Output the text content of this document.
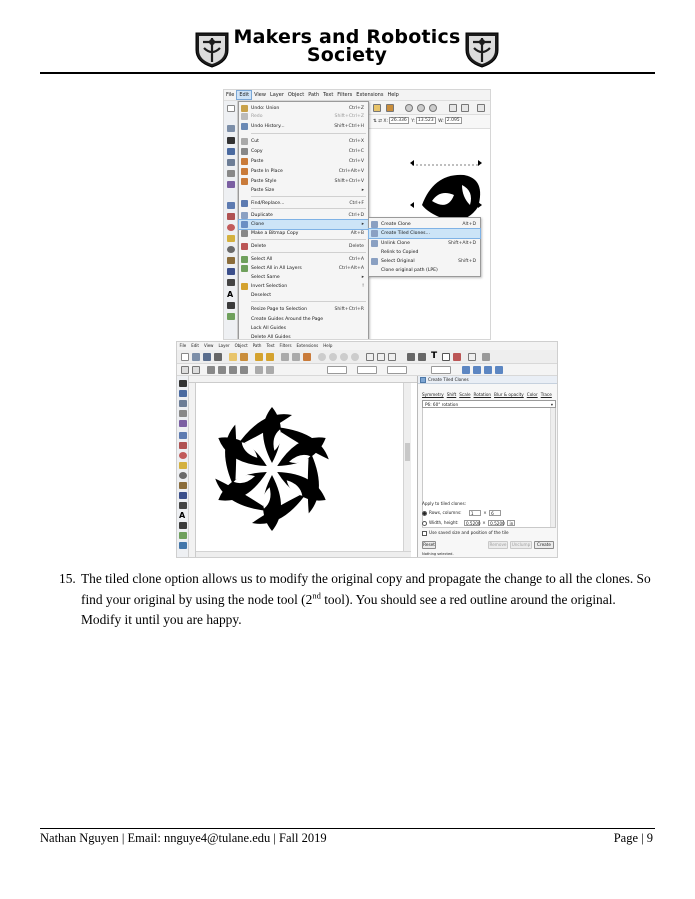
Makers and Robotics
Society
File	Edit	View Layer Object Path Text Filters Extensions Help
A
⇅ ⇄ X: 26.336 Y: 13.523 W: 2.095
Undo: Union	Ctrl+Z
Redo	Shift+Ctrl+Z
Undo History...	Shift+Ctrl+H
Cut	Ctrl+X
Copy	Ctrl+C
Paste	Ctrl+V
Paste In Place	Ctrl+Alt+V
Paste Style	Shift+Ctrl+V
Paste Size	▸
Find/Replace...	Ctrl+F
Duplicate	Ctrl+D
Clone	▸
Make a Bitmap Copy	Alt+B
Delete	Delete
Select All	Ctrl+A
Select All in All Layers	Ctrl+Alt+A
Select Same	▸
Invert Selection	!
Deselect
Resize Page to Selection	Shift+Ctrl+R
Create Guides Around the Page
Lock All Guides
Delete All Guides
Create Clone	Alt+D
Create Tiled Clones...
Unlink Clone	Shift+Alt+D
Relink to Copied
Select Original	Shift+D
Clone original path (LPE)
File	Edit	View	Layer	Object	Path	Text	Filters	Extensions	Help
T
A
Create Tiled Clones
Symmetry Shift Scale Rotation Blur & opacity Color Trace
P6: 60° rotation	▾
Apply to tiled clones:
Rows, columns: 1 × 6
Width, height: 0.5200 × 0.5200 in
Use saved size and position of the tile
Reset	Remove	Unclump	Create
Nothing selected.
15. The tiled clone option allows us to modify the original copy and propagate the change to all the clones. So find your original by using the node tool (2nd tool). You should see a red outline around the original. Modify it until you are happy.
Nathan Nguyen | Email: nnguye4@tulane.edu | Fall 2019	Page | 9
